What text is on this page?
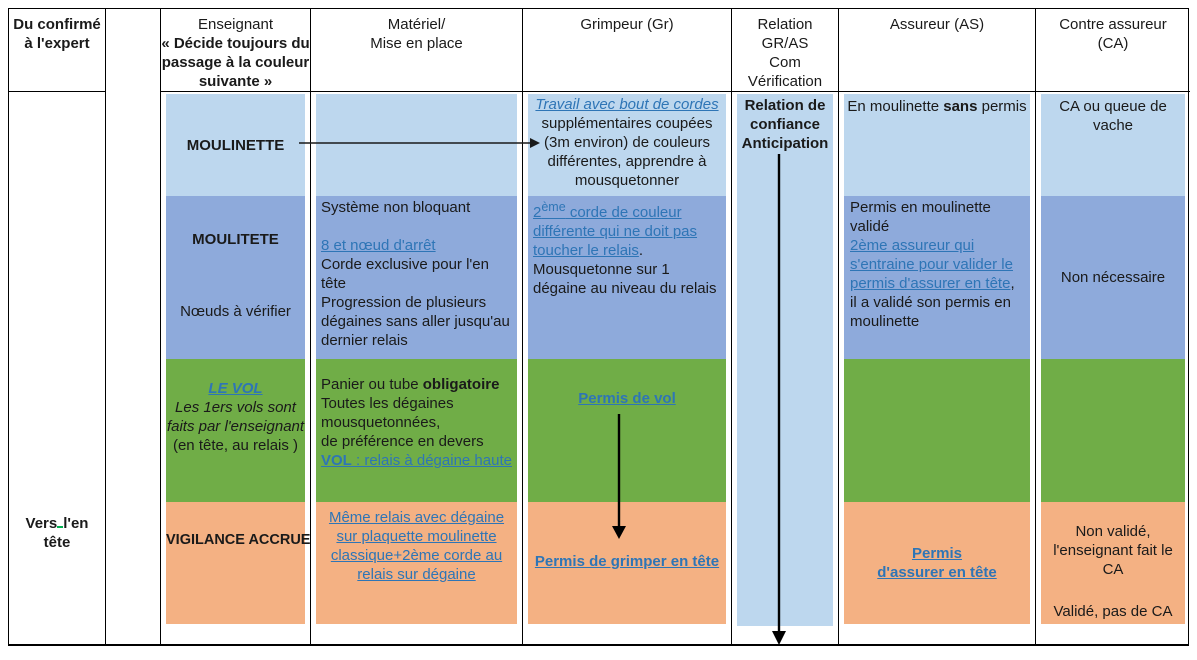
Du confirmé à l'expert
Vers l'en
tête
Enseignant
« Décide toujours du passage à la couleur suivante »
MOULINETTE
MOULITETE
Nœuds à vérifier
LE VOL
Les 1ers vols sont faits par l'enseignant
(en tête, au relais )
VIGILANCE ACCRUE
Matériel/
Mise en place
Système non bloquant
8 et nœud d'arrêt
Corde exclusive pour l'en tête
Progression de plusieurs dégaines sans aller jusqu'au dernier relais
Panier ou tube obligatoire
Toutes les dégaines mousquetonnées,
de préférence en devers
VOL : relais à dégaine haute
Même relais avec dégaine sur plaquette moulinette classique+2ème corde au relais sur dégaine
Grimpeur (Gr)
Travail avec bout de cordes
supplémentaires coupées (3m environ) de couleurs différentes, apprendre à mousquetonner
2ème corde de couleur différente qui ne doit pas toucher le relais.
Mousquetonne sur 1 dégaine au niveau du relais
Permis de vol
Permis de grimper en tête
Relation
GR/AS
Com
Vérification
Relation de confiance
Anticipation
Assureur (AS)
En moulinette sans permis
Permis en moulinette validé
2ème assureur qui s'entraine pour valider le permis d'assurer en tête,
il a validé son permis en moulinette
Permis
d'assurer en tête
Contre assureur
(CA)
CA ou queue de vache
Non nécessaire
Non validé, l'enseignant fait le CA
Validé, pas de CA
